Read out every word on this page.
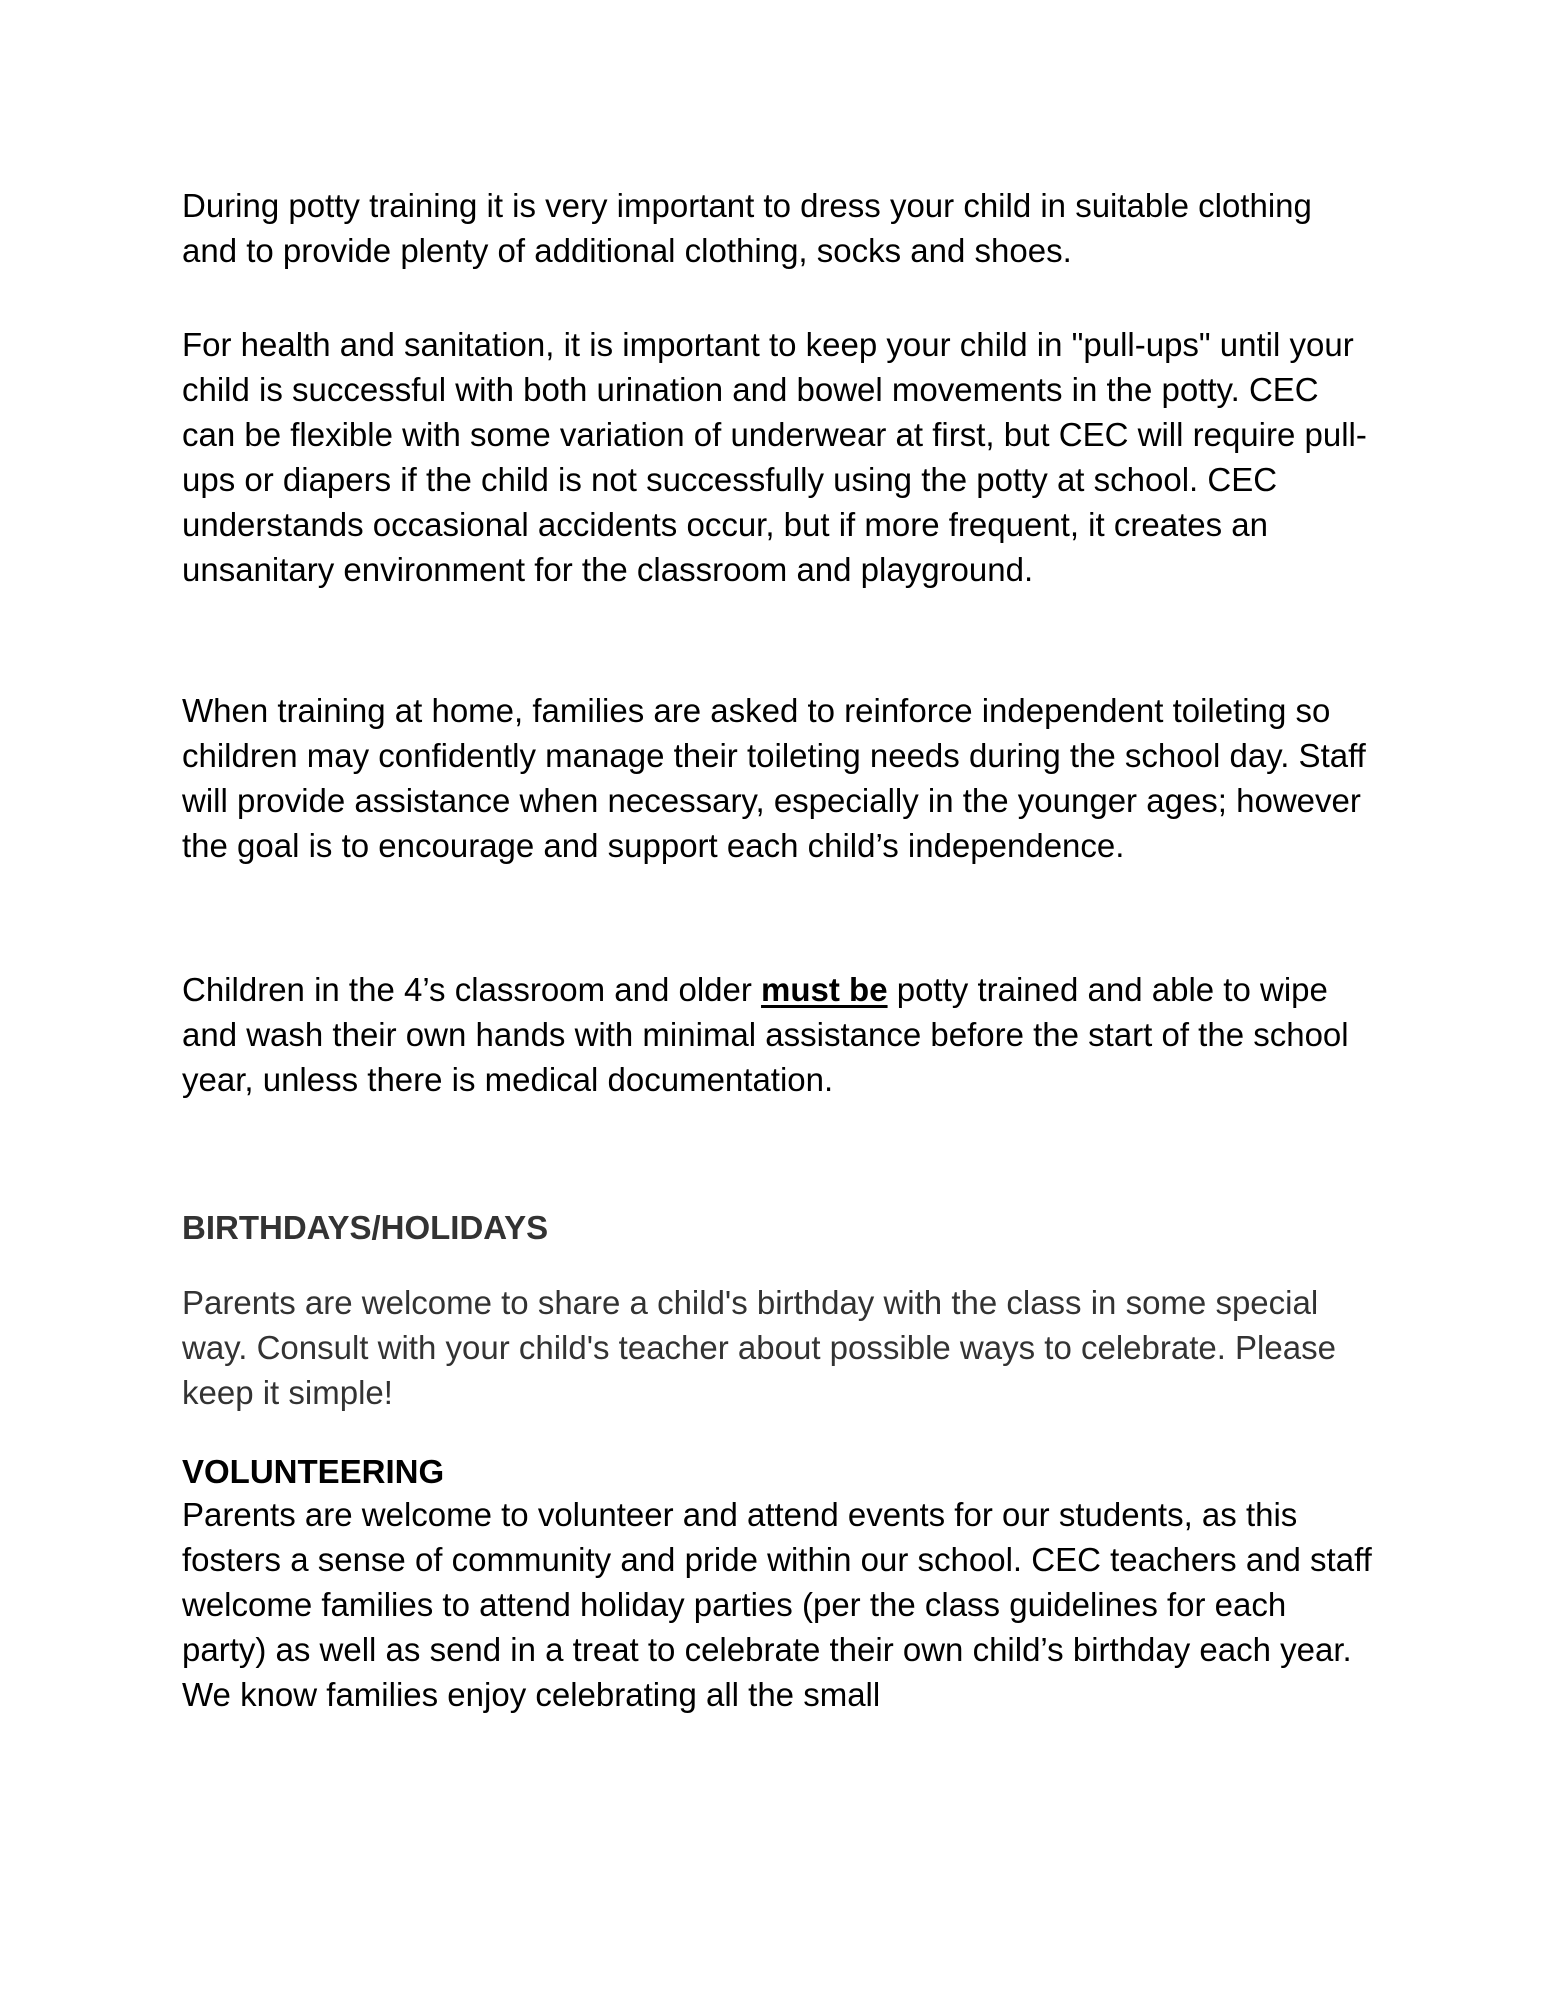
During potty training it is very important to dress your child in suitable clothing and to provide plenty of additional clothing, socks and shoes.

For health and sanitation, it is important to keep your child in "pull-ups" until your child is successful with both urination and bowel movements in the potty. CEC can be flexible with some variation of underwear at first, but CEC will require pull-ups or diapers if the child is not successfully using the potty at school. CEC understands occasional accidents occur, but if more frequent, it creates an unsanitary environment for the classroom and playground.

When training at home, families are asked to reinforce independent toileting so children may confidently manage their toileting needs during the school day. Staff will provide assistance when necessary, especially in the younger ages; however the goal is to encourage and support each child’s independence.

Children in the 4’s classroom and older must be potty trained and able to wipe and wash their own hands with minimal assistance before the start of the school year, unless there is medical documentation.

BIRTHDAYS/HOLIDAYS

Parents are welcome to share a child's birthday with the class in some special way. Consult with your child's teacher about possible ways to celebrate. Please keep it simple!

VOLUNTEERING

Parents are welcome to volunteer and attend events for our students, as this fosters a sense of community and pride within our school. CEC teachers and staff welcome families to attend holiday parties (per the class guidelines for each party) as well as send in a treat to celebrate their own child’s birthday each year. We know families enjoy celebrating all the small
